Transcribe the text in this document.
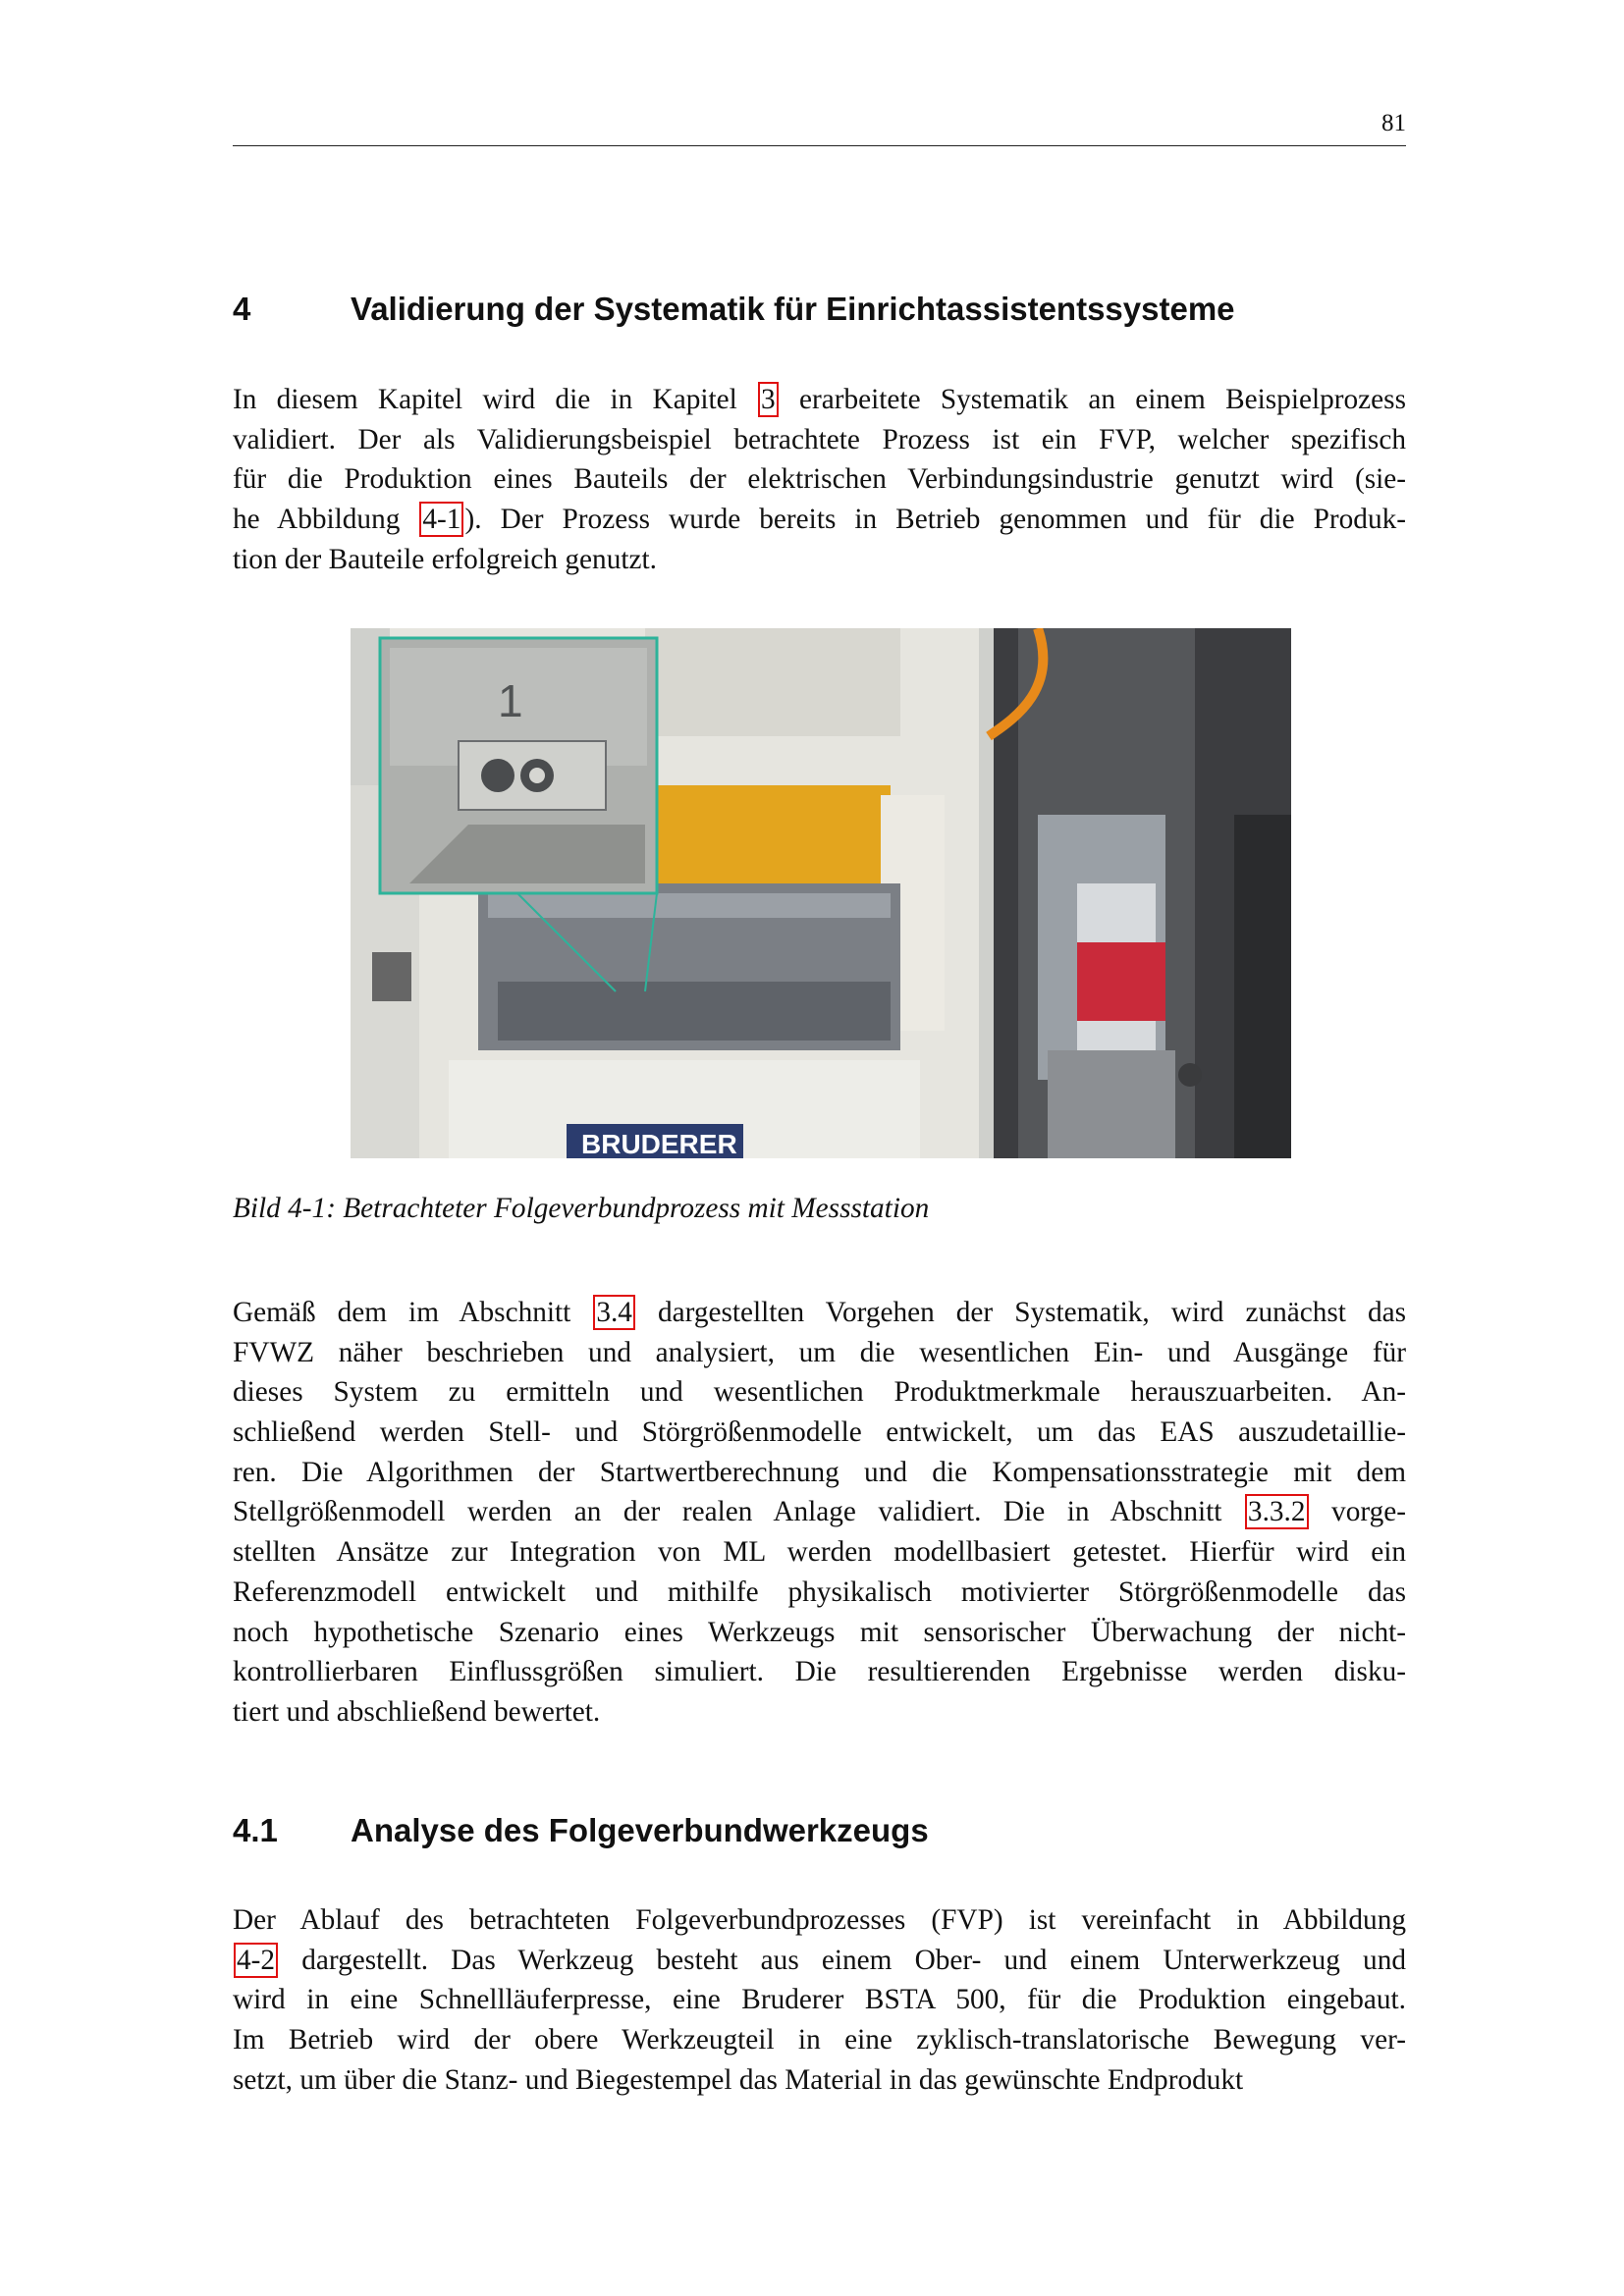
81
4	Validierung der Systematik für Einrichtassistentssysteme
In diesem Kapitel wird die in Kapitel 3 erarbeitete Systematik an einem Beispielprozess
validiert. Der als Validierungsbeispiel betrachtete Prozess ist ein FVP, welcher spezifisch
für die Produktion eines Bauteils der elektrischen Verbindungsindustrie genutzt wird (sie-
he Abbildung 4-1 ). Der Prozess wurde bereits in Betrieb genommen und für die Produk-
tion der Bauteile erfolgreich genutzt.
BRUDERER
1
Bild 4-1: Betrachteter Folgeverbundprozess mit Messstation
Gemäß dem im Abschnitt 3.4 dargestellten Vorgehen der Systematik, wird zunächst das
FVWZ näher beschrieben und analysiert, um die wesentlichen Ein- und Ausgänge für
dieses System zu ermitteln und wesentlichen Produktmerkmale herauszuarbeiten. An-
schließend werden Stell- und Störgrößenmodelle entwickelt, um das EAS auszudetaillie-
ren. Die Algorithmen der Startwertberechnung und die Kompensationsstrategie mit dem
Stellgrößenmodell werden an der realen Anlage validiert. Die in Abschnitt 3.3.2 vorge-
stellten Ansätze zur Integration von ML werden modellbasiert getestet. Hierfür wird ein
Referenzmodell entwickelt und mithilfe physikalisch motivierter Störgrößenmodelle das
noch hypothetische Szenario eines Werkzeugs mit sensorischer Überwachung der nicht-
kontrollierbaren Einflussgrößen simuliert. Die resultierenden Ergebnisse werden disku-
tiert und abschließend bewertet.
4.1 Analyse des Folgeverbundwerkzeugs
Der Ablauf des betrachteten Folgeverbundprozesses (FVP) ist vereinfacht in Abbildung
4-2 dargestellt. Das Werkzeug besteht aus einem Ober- und einem Unterwerkzeug und
wird in eine Schnellläuferpresse, eine Bruderer BSTA 500, für die Produktion eingebaut.
Im Betrieb wird der obere Werkzeugteil in eine zyklisch-translatorische Bewegung ver-
setzt, um über die Stanz- und Biegestempel das Material in das gewünschte Endprodukt
